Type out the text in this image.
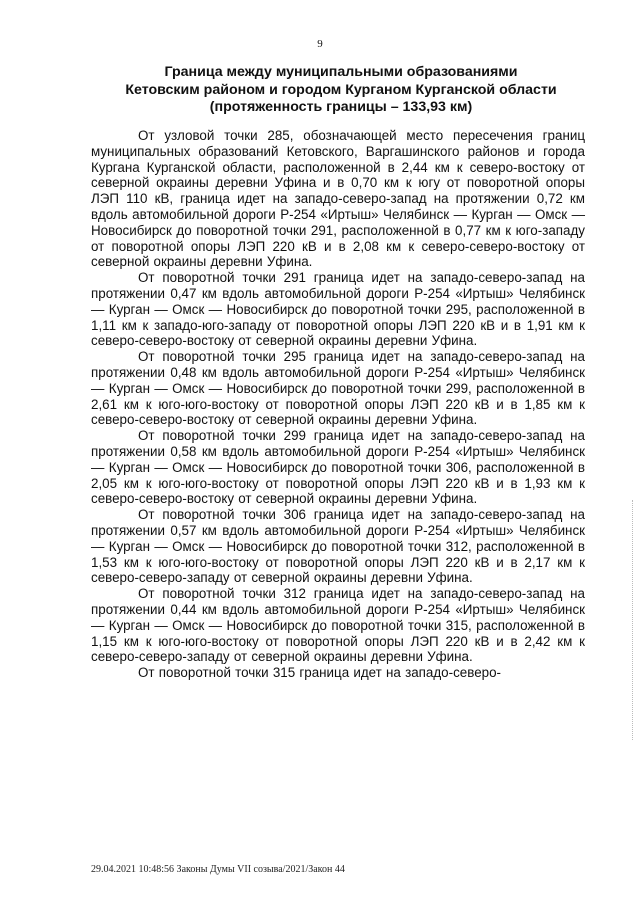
9
Граница между муниципальными образованиями
Кетовским районом и городом Курганом Курганской области
(протяженность границы – 133,93 км)

От узловой точки 285, обозначающей место пересечения границ муниципальных образований Кетовского, Варгашинского районов и города Кургана Курганской области, расположенной в 2,44 км к северо-востоку от северной окраины деревни Уфина и в 0,70 км к югу от поворотной опоры ЛЭП 110 кВ, граница идет на западо-северо-запад на протяжении 0,72 км вдоль автомобильной дороги Р-254 «Иртыш» Челябинск — Курган — Омск — Новосибирск до поворотной точки 291, расположенной в 0,77 км к юго-западу от поворотной опоры ЛЭП 220 кВ и в 2,08 км к северо-северо-востоку от северной окраины деревни Уфина.

От поворотной точки 291 граница идет на западо-северо-запад на протяжении 0,47 км вдоль автомобильной дороги Р-254 «Иртыш» Челябинск — Курган — Омск — Новосибирск до поворотной точки 295, расположенной в 1,11 км к западо-юго-западу от поворотной опоры ЛЭП 220 кВ и в 1,91 км к северо-северо-востоку от северной окраины деревни Уфина.

От поворотной точки 295 граница идет на западо-северо-запад на протяжении 0,48 км вдоль автомобильной дороги Р-254 «Иртыш» Челябинск — Курган — Омск — Новосибирск до поворотной точки 299, расположенной в 2,61 км к юго-юго-востоку от поворотной опоры ЛЭП 220 кВ и в 1,85 км к северо-северо-востоку от северной окраины деревни Уфина.

От поворотной точки 299 граница идет на западо-северо-запад на протяжении 0,58 км вдоль автомобильной дороги Р-254 «Иртыш» Челябинск — Курган — Омск — Новосибирск до поворотной точки 306, расположенной в 2,05 км к юго-юго-востоку от поворотной опоры ЛЭП 220 кВ и в 1,93 км к северо-северо-востоку от северной окраины деревни Уфина.

От поворотной точки 306 граница идет на западо-северо-запад на протяжении 0,57 км вдоль автомобильной дороги Р-254 «Иртыш» Челябинск — Курган — Омск — Новосибирск до поворотной точки 312, расположенной в 1,53 км к юго-юго-востоку от поворотной опоры ЛЭП 220 кВ и в 2,17 км к северо-северо-западу от северной окраины деревни Уфина.

От поворотной точки 312 граница идет на западо-северо-запад на протяжении 0,44 км вдоль автомобильной дороги Р-254 «Иртыш» Челябинск — Курган — Омск — Новосибирск до поворотной точки 315, расположенной в 1,15 км к юго-юго-востоку от поворотной опоры ЛЭП 220 кВ и в 2,42 км к северо-северо-западу от северной окраины деревни Уфина.

От поворотной точки 315 граница идет на западо-северо-

29.04.2021 10:48:56 Законы Думы VII созыва/2021/Закон 44
